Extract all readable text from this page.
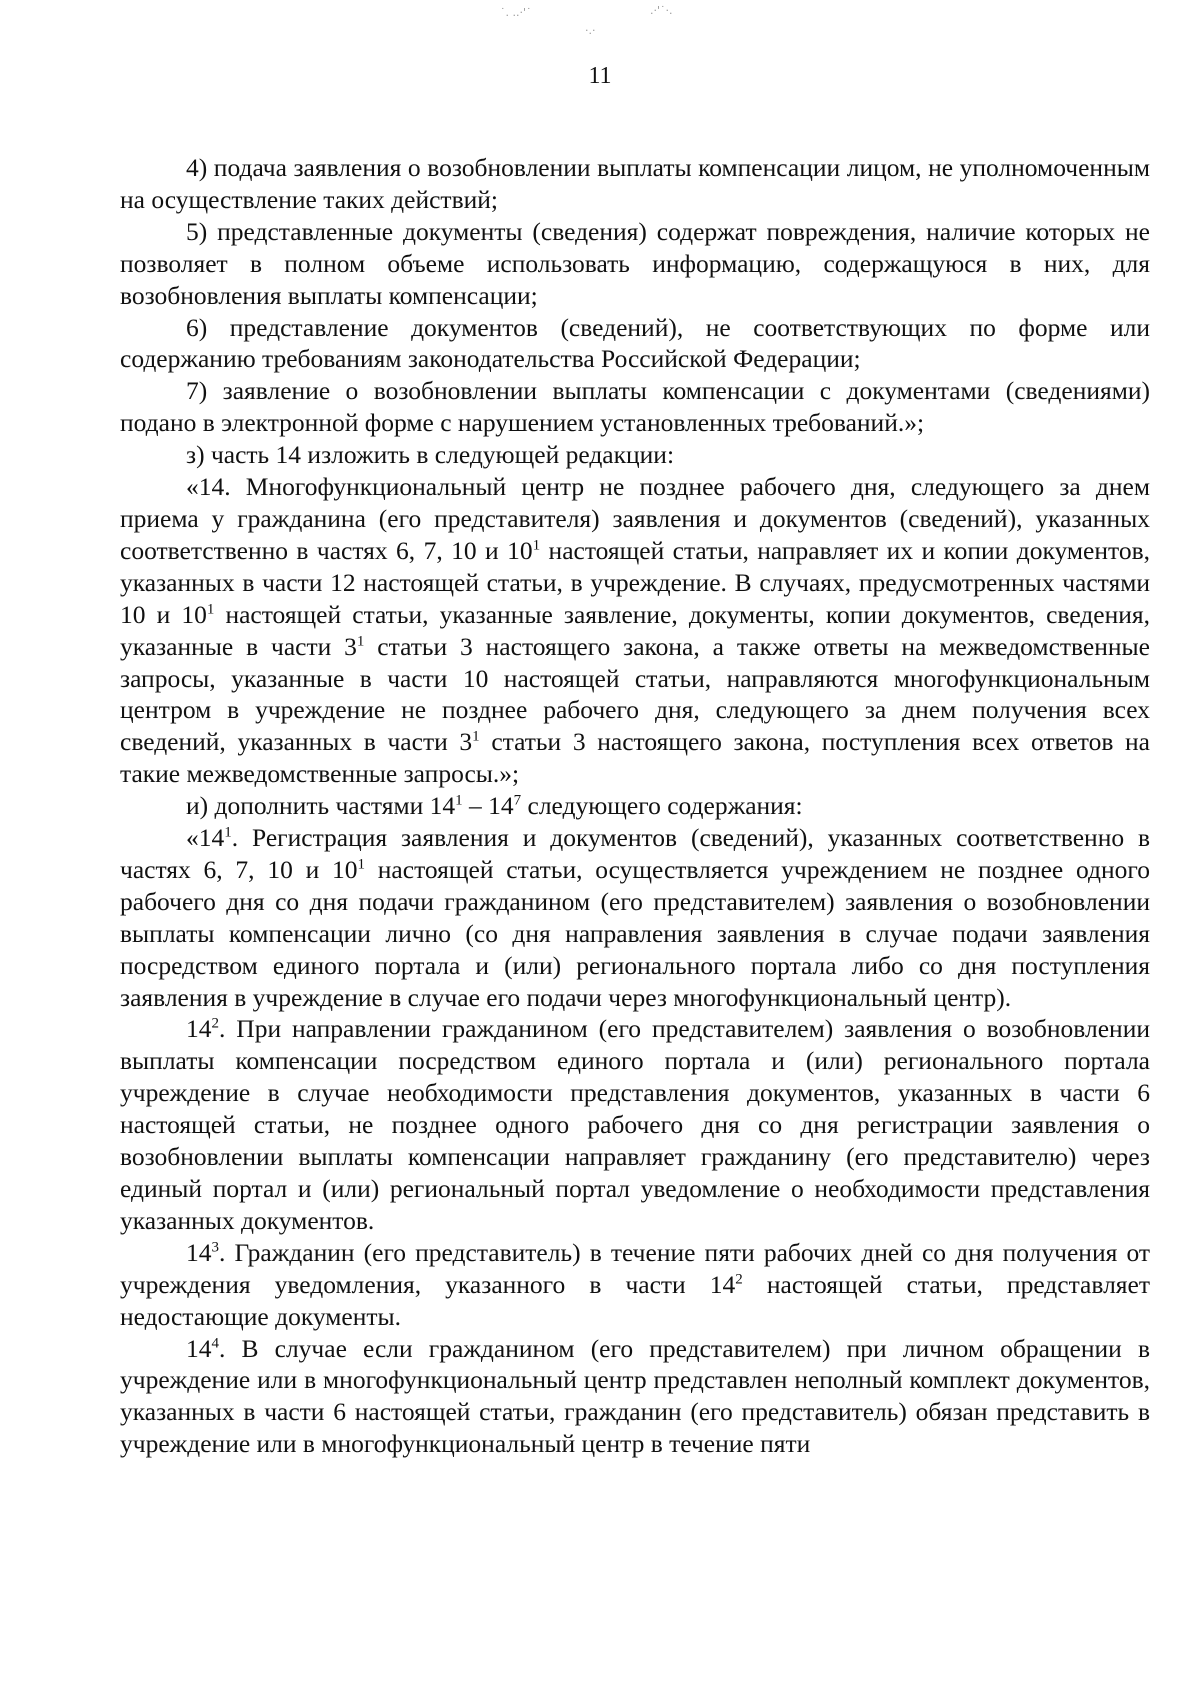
˙. ..·'˙	.·'˙·.
·.·
11

4) подача заявления о возобновлении выплаты компенсации лицом, не уполномоченным на осуществление таких действий;

5) представленные документы (сведения) содержат повреждения, наличие которых не позволяет в полном объеме использовать информацию, содержащуюся в них, для возобновления выплаты компенсации;

6) представление документов (сведений), не соответствующих по форме или содержанию требованиям законодательства Российской Федерации;

7) заявление о возобновлении выплаты компенсации с документами (сведениями) подано в электронной форме с нарушением установленных требований.»;

з) часть 14 изложить в следующей редакции:

«14. Многофункциональный центр не позднее рабочего дня, следующего за днем приема у гражданина (его представителя) заявления и документов (сведений), указанных соответственно в частях 6, 7, 10 и $10^1$ настоящей статьи, направляет их и копии документов, указанных в части 12 настоящей статьи, в учреждение. В случаях, предусмотренных частями 10 и $10^1$ настоящей статьи, указанные заявление, документы, копии документов, сведения, указанные в части $3^1$ статьи 3 настоящего закона, а также ответы на межведомственные запросы, указанные в части 10 настоящей статьи, направляются многофункциональным центром в учреждение не позднее рабочего дня, следующего за днем получения всех сведений, указанных в части $3^1$ статьи 3 настоящего закона, поступления всех ответов на такие межведомственные запросы.»;

и) дополнить частями $14^1 - 14^7$ следующего содержания:

«$14^1$. Регистрация заявления и документов (сведений), указанных соответственно в частях 6, 7, 10 и $10^1$ настоящей статьи, осуществляется учреждением не позднее одного рабочего дня со дня подачи гражданином (его представителем) заявления о возобновлении выплаты компенсации лично (со дня направления заявления в случае подачи заявления посредством единого портала и (или) регионального портала либо со дня поступления заявления в учреждение в случае его подачи через многофункциональный центр).

$14^2$. При направлении гражданином (его представителем) заявления о возобновлении выплаты компенсации посредством единого портала и (или) регионального портала учреждение в случае необходимости представления документов, указанных в части 6 настоящей статьи, не позднее одного рабочего дня со дня регистрации заявления о возобновлении выплаты компенсации направляет гражданину (его представителю) через единый портал и (или) региональный портал уведомление о необходимости представления указанных документов.

$14^3$. Гражданин (его представитель) в течение пяти рабочих дней со дня получения от учреждения уведомления, указанного в части $14^2$ настоящей статьи, представляет недостающие документы.

$14^4$. В случае если гражданином (его представителем) при личном обращении в учреждение или в многофункциональный центр представлен неполный комплект документов, указанных в части 6 настоящей статьи, гражданин (его представитель) обязан представить в учреждение или в многофункциональный центр в течение пяти
